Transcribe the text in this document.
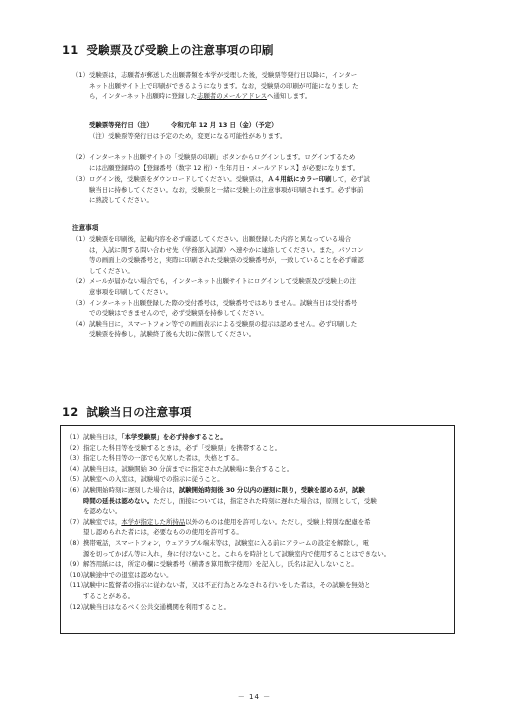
11 受験票及び受験上の注意事項の印刷
（1）受験票は，志願者が郵送した出願書類を本学が受理した後，受験票等発行日以降に，インター
ネット出願サイト上で印刷ができるようになります。なお，受験票の印刷が可能になりまし た
ら，インターネット出願時に登録した志願者のメールアドレスへ通知します。
受験票等発行日（注）	令和元年 12 月 13 日（金）（予定）
（注）受験票等発行日は予定のため，変更になる可能性があります。
（2）インターネット出願サイトの「受験票の印刷」ボタンからログインします。ログインするため
には出願登録時の【登録番号（数字 12 桁）・生年月日・メールアドレス】が必要になります。
（3）ログイン後，受験票をダウンロードしてください。受験票は，Ａ４用紙にカラー印刷して，必ず試
験当日に持参してください。なお，受験票と一緒に受験上の注意事項が印刷されます。必ず事前
に熟読してください。
注意事項
（1）受験票を印刷後，記載内容を必ず確認してください。出願登録した内容と異なっている場合
は，入試に関する問い合わせ先（学務部入試課）へ速やかに連絡してください。また，パソコン
等の画面上の受験番号と，実際に印刷された受験票の受験番号が，一致していることを必ず確認
してください。
（2）メールが届かない場合でも，インターネット出願サイトにログインして受験票及び受験上の注
意事項を印刷してください。
（3）インターネット出願登録した際の受付番号は，受験番号ではありません。試験当日は受付番号
での受験はできませんので，必ず受験票を持参してください。
（4）試験当日に，スマートフォン等での画面表示による受験票の提示は認めません。必ず印刷した
受験票を持参し，試験終了後も大切に保管してください。
12 試験当日の注意事項
（1）試験当日は，「本学受験票」を必ず持参すること。
（2）指定した科目等を受験するときは，必ず「受験票」を携帯すること。
（3）指定した科目等の一部でも欠席した者は，失格とする。
（4）試験当日は，試験開始 30 分前までに指定された試験場に集合すること。
（5）試験室への入室は，試験場での指示に従うこと。
（6）試験開始時刻に遅刻した場合は，試験開始時刻後 30 分以内の遅刻に限り，受験を認めるが，試験
時間の延長は認めない。ただし，面接については，指定された時刻に遅れた場合は，原則として，受験
を認めない。
（7）試験室では，本学が指定した所持品以外のものは使用を許可しない。ただし，受験上特別な配慮を希
望し認められた者には，必要なものの使用を許可する。
（8）携帯電話，スマートフォン，ウェアラブル端末等は，試験室に入る前にアラームの設定を解除し，電
源を切ってかばん等に入れ，身に付けないこと。これらを時計として試験室内で使用することはできない。
（9）解答用紙には，所定の欄に受験番号（横書き算用数字使用）を記入し，氏名は記入しないこと。
（10）試験途中での退室は認めない。
（11）試験中に監督者の指示に従わない者，又は不正行為とみなされる行いをした者は，その試験を無効と
することがある。
（12）試験当日はなるべく公共交通機関を利用すること。
－ 14 －
